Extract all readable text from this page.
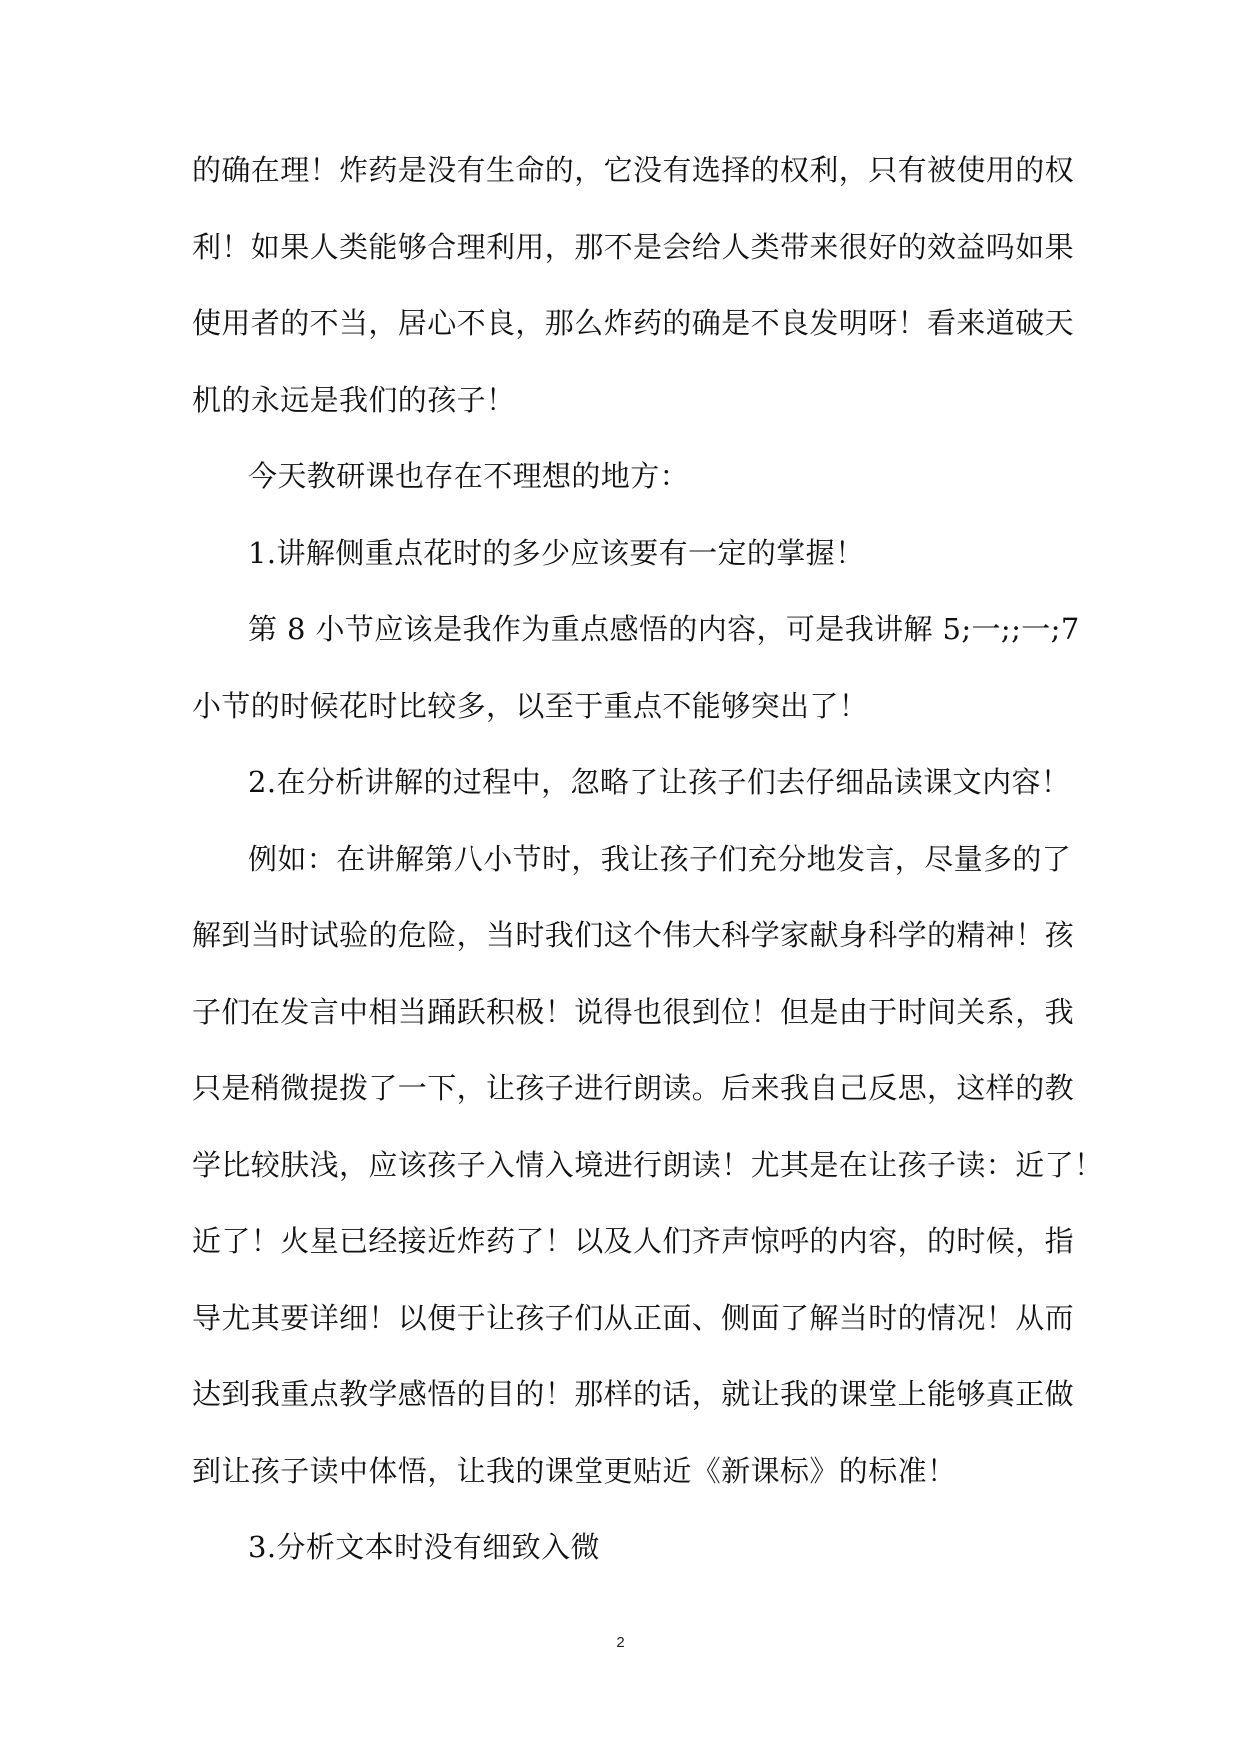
的确在理！炸药是没有生命的，它没有选择的权利，只有被使用的权
利！如果人类能够合理利用，那不是会给人类带来很好的效益吗如果
使用者的不当，居心不良，那么炸药的确是不良发明呀！看来道破天
机的永远是我们的孩子！
今天教研课也存在不理想的地方：
1.讲解侧重点花时的多少应该要有一定的掌握！
第 8 小节应该是我作为重点感悟的内容，可是我讲解 5;一;;一;7
小节的时候花时比较多，以至于重点不能够突出了！
2.在分析讲解的过程中，忽略了让孩子们去仔细品读课文内容！
例如：在讲解第八小节时，我让孩子们充分地发言，尽量多的了
解到当时试验的危险，当时我们这个伟大科学家献身科学的精神！孩
子们在发言中相当踊跃积极！说得也很到位！但是由于时间关系，我
只是稍微提拨了一下，让孩子进行朗读。后来我自己反思，这样的教
学比较肤浅，应该孩子入情入境进行朗读！尤其是在让孩子读：近了！
近了！火星已经接近炸药了！以及人们齐声惊呼的内容，的时候，指
导尤其要详细！以便于让孩子们从正面、侧面了解当时的情况！从而
达到我重点教学感悟的目的！那样的话，就让我的课堂上能够真正做
到让孩子读中体悟，让我的课堂更贴近《新课标》的标准！
3.分析文本时没有细致入微
2
